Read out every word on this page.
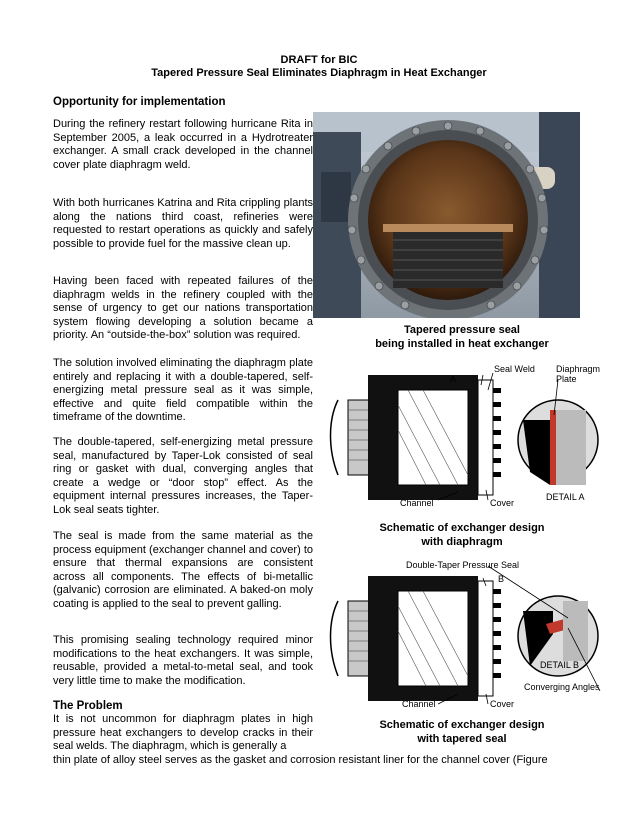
DRAFT for BIC
Tapered Pressure Seal Eliminates Diaphragm in Heat Exchanger
Opportunity for implementation
During the refinery restart following hurricane Rita in September 2005, a leak occurred in a Hydrotreater exchanger. A small crack developed in the channel cover plate diaphragm weld.
With both hurricanes Katrina and Rita crippling plants along the nations third coast, refineries were requested to restart operations as quickly and safely possible to provide fuel for the massive clean up.
Having been faced with repeated failures of the diaphragm welds in the refinery coupled with the sense of urgency to get our nations transportation system flowing developing a solution became a priority. An “outside-the-box” solution was required.
The solution involved eliminating the diaphragm plate entirely and replacing it with a double-tapered, self-energizing metal pressure seal as it was simple, effective and quite field compatible within the timeframe of the downtime.
The double-tapered, self-energizing metal pressure seal, manufactured by Taper-Lok consisted of seal ring or gasket with dual, converging angles that create a wedge or “door stop” effect. As the equipment internal pressures increases, the Taper-Lok seal seats tighter.
The seal is made from the same material as the process equipment (exchanger channel and cover) to ensure that thermal expansions are consistent across all components. The effects of bi-metallic (galvanic) corrosion are eliminated. A baked-on moly coating is applied to the seal to prevent galling.
This promising sealing technology required minor modifications to the heat exchangers. It was simple, reusable, provided a metal-to-metal seal, and took very little time to make the modification.
The Problem
It is not uncommon for diaphragm plates in high pressure heat exchangers to develop cracks in their seal welds. The diaphragm, which is generally a
thin plate of alloy steel serves as the gasket and corrosion resistant liner for the channel cover (Figure
Tapered pressure seal
being installed in heat exchanger
A
Seal Weld Diaphragm
Plate
Channel	Cover
DETAIL A
Schematic of exchanger design
with diaphragm
Double-Taper Pressure Seal
B
Channel	Cover
DETAIL B
Converging Angles
Schematic of exchanger design
with tapered seal
